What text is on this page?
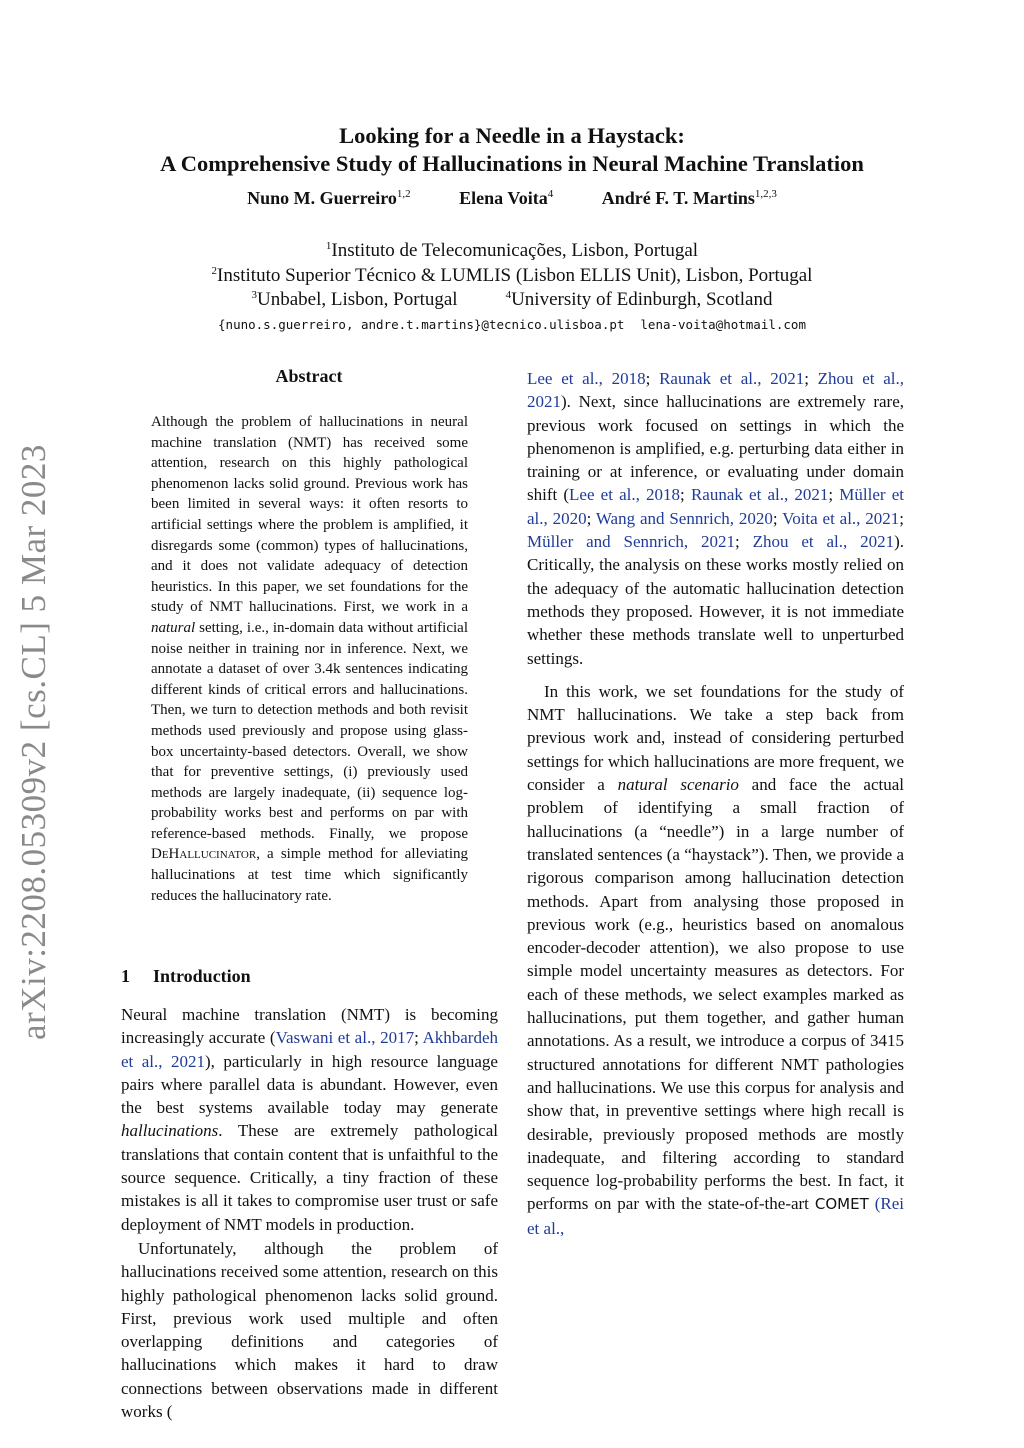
Looking for a Needle in a Haystack:
A Comprehensive Study of Hallucinations in Neural Machine Translation
Nuno M. Guerreiro$^{1,2}$	Elena Voita$^4$	André F. T. Martins$^{1,2,3}$
$^1$Instituto de Telecomunicações, Lisbon, Portugal
$^2$Instituto Superior Técnico & LUMLIS (Lisbon ELLIS Unit), Lisbon, Portugal
$^3$Unbabel, Lisbon, Portugal	$^4$University of Edinburgh, Scotland
{nuno.s.guerreiro, andre.t.martins}@tecnico.ulisboa.pt lena-voita@hotmail.com
arXiv:2208.05309v2 [cs.CL] 5 Mar 2023
Abstract
Although the problem of hallucinations in neural machine translation (NMT) has received some attention, research on this highly pathological phenomenon lacks solid ground. Previous work has been limited in several ways: it often resorts to artificial settings where the problem is amplified, it disregards some (common) types of hallucinations, and it does not validate adequacy of detection heuristics. In this paper, we set foundations for the study of NMT hallucinations. First, we work in a natural setting, i.e., in-domain data without artificial noise neither in training nor in inference. Next, we annotate a dataset of over 3.4k sentences indicating different kinds of critical errors and hallucinations. Then, we turn to detection methods and both revisit methods used previously and propose using glass-box uncertainty-based detectors. Overall, we show that for preventive settings, (i) previously used methods are largely inadequate, (ii) sequence log-probability works best and performs on par with reference-based methods. Finally, we propose DeHallucinator, a simple method for alleviating hallucinations at test time which significantly reduces the hallucinatory rate.
1 Introduction

Neural machine translation (NMT) is becoming increasingly accurate (Vaswani et al., 2017; Akhbardeh et al., 2021), particularly in high resource language pairs where parallel data is abundant. However, even the best systems available today may generate hallucinations. These are extremely pathological translations that contain content that is unfaithful to the source sequence. Critically, a tiny fraction of these mistakes is all it takes to compromise user trust or safe deployment of NMT models in production.

Unfortunately, although the problem of hallucinations received some attention, research on this highly pathological phenomenon lacks solid ground. First, previous work used multiple and often overlapping definitions and categories of hallucinations which makes it hard to draw connections between observations made in different works (

Lee et al., 2018; Raunak et al., 2021; Zhou et al., 2021). Next, since hallucinations are extremely rare, previous work focused on settings in which the phenomenon is amplified, e.g. perturbing data either in training or at inference, or evaluating under domain shift (Lee et al., 2018; Raunak et al., 2021; Müller et al., 2020; Wang and Sennrich, 2020; Voita et al., 2021; Müller and Sennrich, 2021; Zhou et al., 2021). Critically, the analysis on these works mostly relied on the adequacy of the automatic hallucination detection methods they proposed. However, it is not immediate whether these methods translate well to unperturbed settings.

In this work, we set foundations for the study of NMT hallucinations. We take a step back from previous work and, instead of considering perturbed settings for which hallucinations are more frequent, we consider a natural scenario and face the actual problem of identifying a small fraction of hallucinations (a “needle”) in a large number of translated sentences (a “haystack”). Then, we provide a rigorous comparison among hallucination detection methods. Apart from analysing those proposed in previous work (e.g., heuristics based on anomalous encoder-decoder attention), we also propose to use simple model uncertainty measures as detectors. For each of these methods, we select examples marked as hallucinations, put them together, and gather human annotations. As a result, we introduce a corpus of 3415 structured annotations for different NMT pathologies and hallucinations. We use this corpus for analysis and show that, in preventive settings where high recall is desirable, previously proposed methods are mostly inadequate, and filtering according to standard sequence log-probability performs the best. In fact, it performs on par with the state-of-the-art COMET (Rei et al.,
